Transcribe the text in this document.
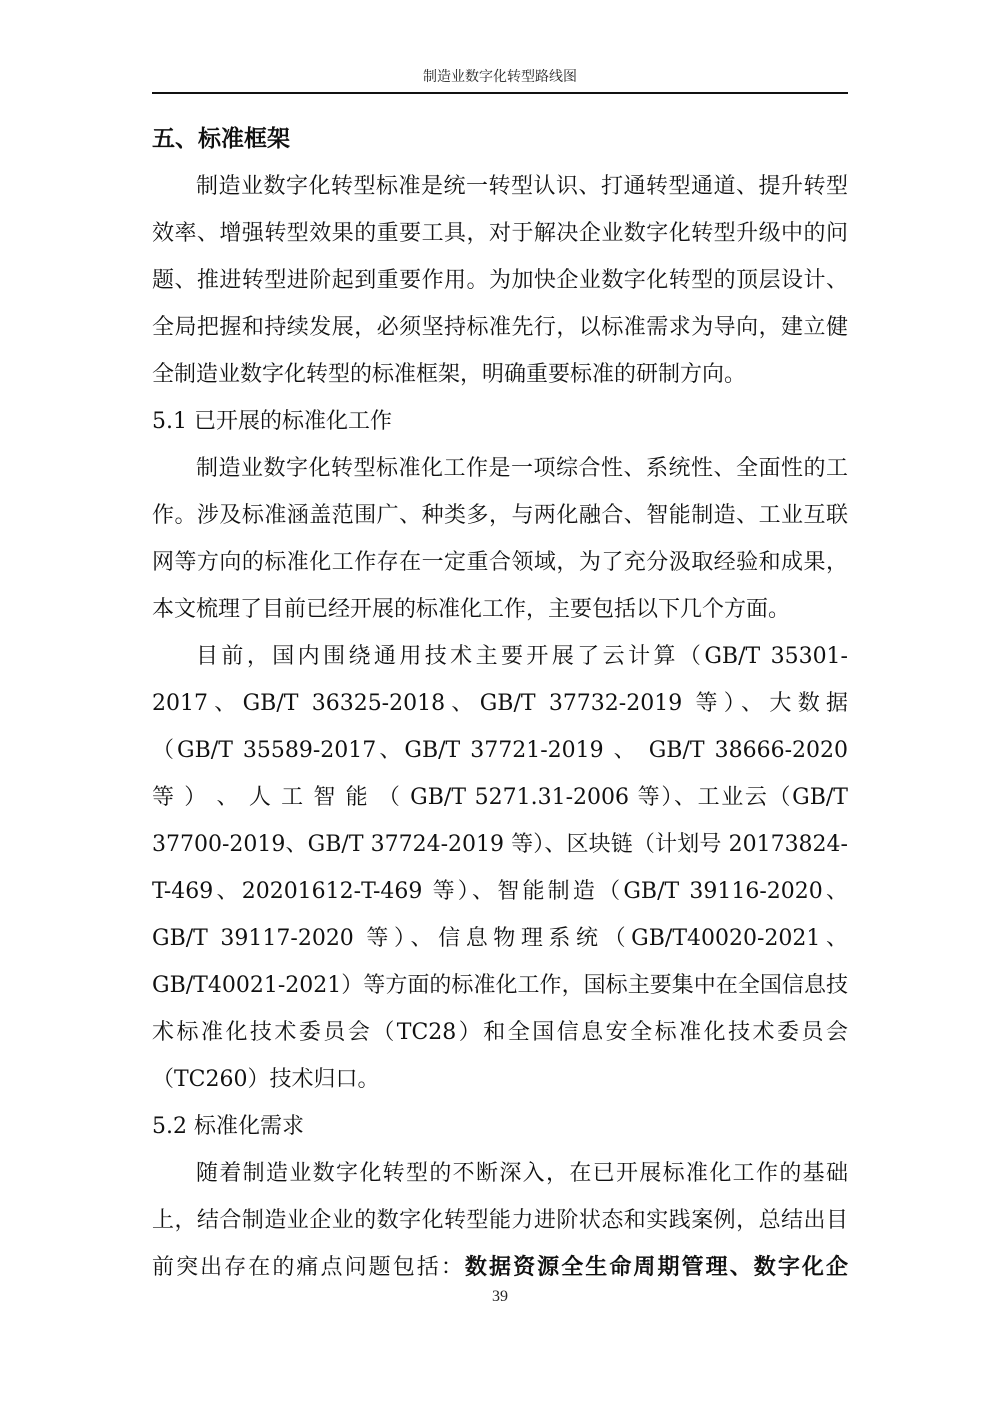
制造业数字化转型路线图
五、标准框架

制造业数字化转型标准是统一转型认识、打通转型通道、提升转型效率、增强转型效果的重要工具，对于解决企业数字化转型升级中的问题、推进转型进阶起到重要作用。为加快企业数字化转型的顶层设计、全局把握和持续发展，必须坚持标准先行，以标准需求为导向，建立健全制造业数字化转型的标准框架，明确重要标准的研制方向。

5.1 已开展的标准化工作

制造业数字化转型标准化工作是一项综合性、系统性、全面性的工作。涉及标准涵盖范围广、种类多，与两化融合、智能制造、工业互联网等方向的标准化工作存在一定重合领域，为了充分汲取经验和成果，本文梳理了目前已经开展的标准化工作，主要包括以下几个方面。

目前，国内围绕通用技术主要开展了云计算（GB/T 35301-2017、GB/T 36325-2018、GB/T 37732-2019 等）、大数据（GB/T 35589-2017、GB/T 37721-2019 、 GB/T 38666-2020 等 ） 、 人 工 智 能 （ GB/T 5271.31-2006 等）、工业云（GB/T 37700-2019、GB/T 37724-2019 等）、区块链（计划号 20173824-T-469、20201612-T-469 等）、智能制造（GB/T 39116-2020、GB/T 39117-2020 等）、信息物理系统（GB/T40020-2021、GB/T40021-2021）等方面的标准化工作，国标主要集中在全国信息技术标准化技术委员会（TC28）和全国信息安全标准化技术委员会（TC260）技术归口。

5.2 标准化需求

随着制造业数字化转型的不断深入，在已开展标准化工作的基础上，结合制造业企业的数字化转型能力进阶状态和实践案例，总结出目前突出存在的痛点问题包括：数据资源全生命周期管理、数字化企

39
